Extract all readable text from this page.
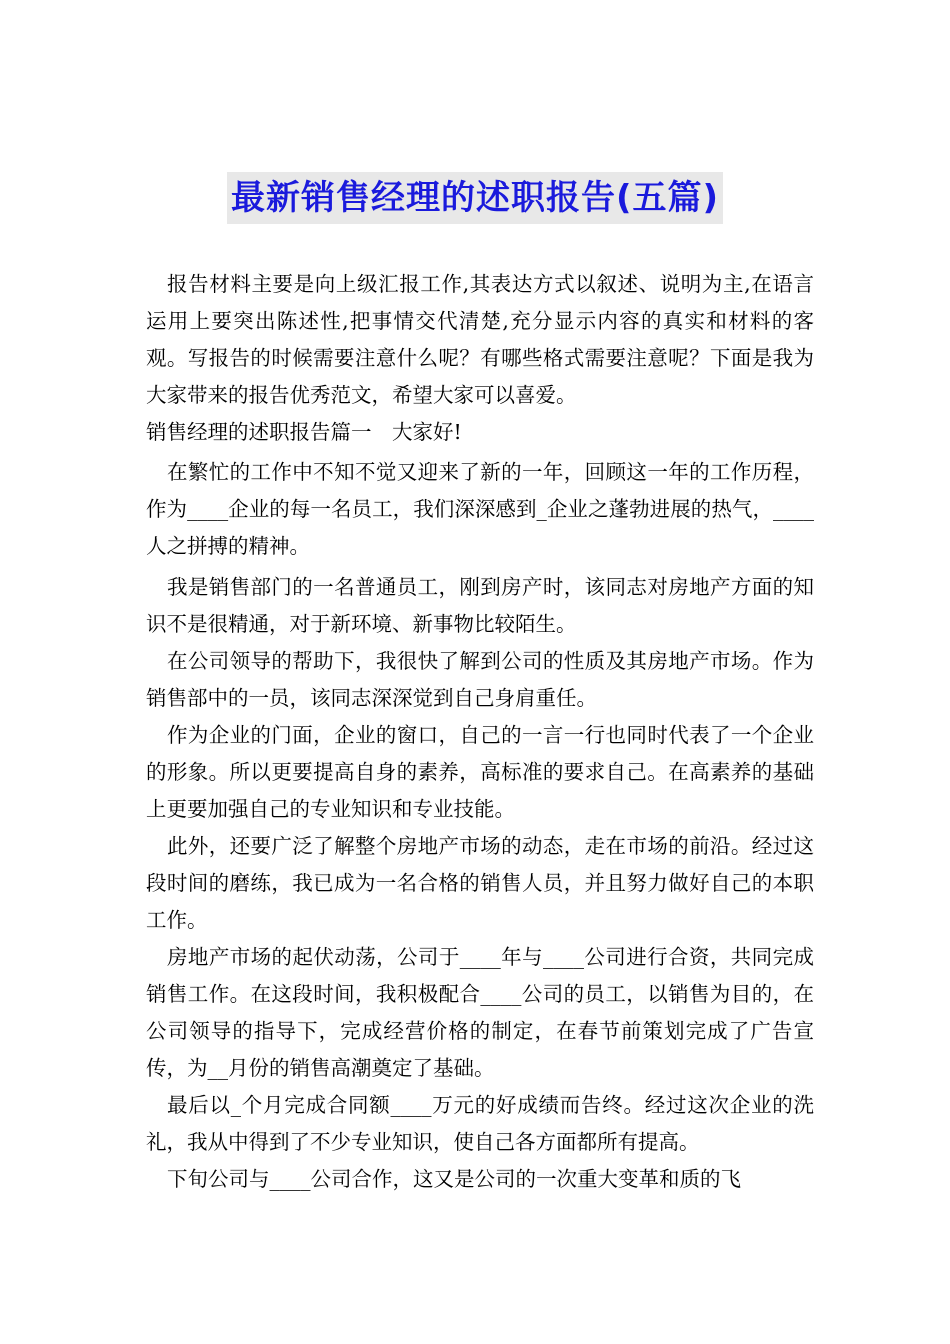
最新销售经理的述职报告(五篇)

报告材料主要是向上级汇报工作,其表达方式以叙述、说明为主,在语言运用上要突出陈述性,把事情交代清楚,充分显示内容的真实和材料的客观。写报告的时候需要注意什么呢？有哪些格式需要注意呢？下面是我为大家带来的报告优秀范文，希望大家可以喜爱。

销售经理的述职报告篇一　大家好!

在繁忙的工作中不知不觉又迎来了新的一年，回顾这一年的工作历程，作为____企业的每一名员工，我们深深感到_企业之蓬勃进展的热气，____人之拼搏的精神。

我是销售部门的一名普通员工，刚到房产时，该同志对房地产方面的知识不是很精通，对于新环境、新事物比较陌生。

在公司领导的帮助下，我很快了解到公司的性质及其房地产市场。作为销售部中的一员，该同志深深觉到自己身肩重任。

作为企业的门面，企业的窗口，自己的一言一行也同时代表了一个企业的形象。所以更要提高自身的素养，高标准的要求自己。在高素养的基础上更要加强自己的专业知识和专业技能。

此外，还要广泛了解整个房地产市场的动态，走在市场的前沿。经过这段时间的磨练，我已成为一名合格的销售人员，并且努力做好自己的本职工作。

房地产市场的起伏动荡，公司于____年与____公司进行合资，共同完成销售工作。在这段时间，我积极配合____公司的员工，以销售为目的，在公司领导的指导下，完成经营价格的制定，在春节前策划完成了广告宣传，为__月份的销售高潮奠定了基础。

最后以_个月完成合同额____万元的好成绩而告终。经过这次企业的洗礼，我从中得到了不少专业知识，使自己各方面都所有提高。

下旬公司与____公司合作，这又是公司的一次重大变革和质的飞
